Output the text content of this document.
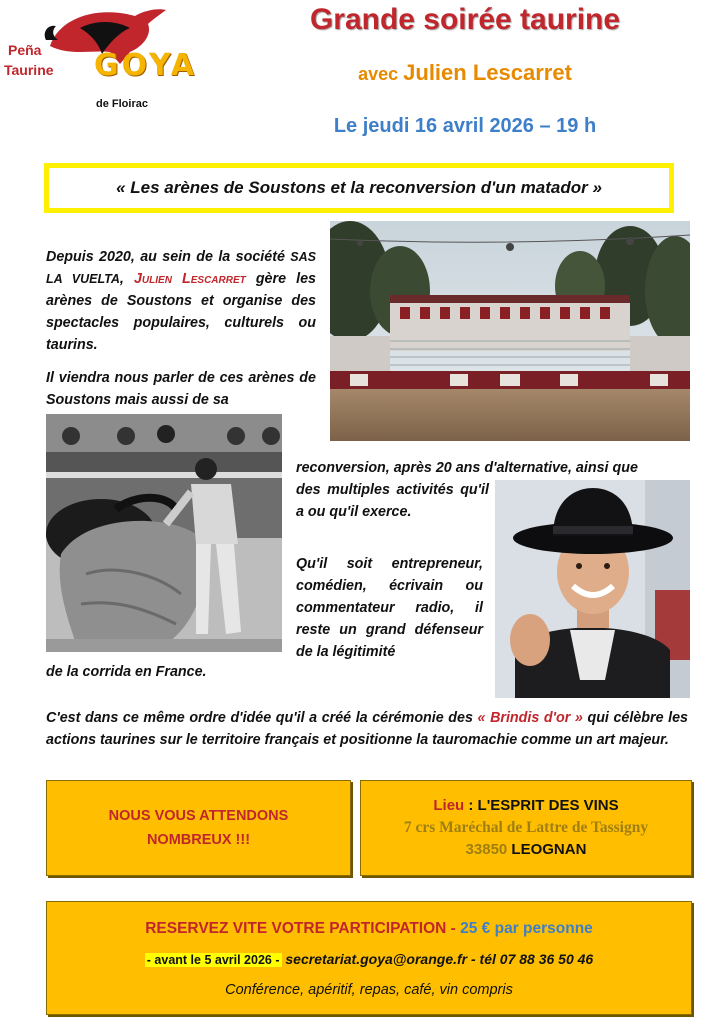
Peña
Taurine GOYA
de Floirac
Grande soirée taurine
avec Julien Lescarret
Le jeudi 16 avril 2026 – 19 h
« Les arènes de Soustons et la reconversion d'un matador »
Depuis 2020, au sein de la société SAS LA VUELTA, Julien Lescarret gère les arènes de Soustons et organise des spectacles populaires, culturels ou taurins.
Il viendra nous parler de ces arènes de Soustons mais aussi de sa
reconversion, après 20 ans d'alternative, ainsi que
des multiples activités qu'il a ou qu'il exerce.
Qu'il soit entrepreneur, comédien, écrivain ou commentateur radio, il reste un grand défenseur de la légitimité
de la corrida en France.
C'est dans ce même ordre d'idée qu'il a créé la cérémonie des « Brindis d'or » qui célèbre les actions taurines sur le territoire français et positionne la tauromachie comme un art majeur.
NOUS VOUS ATTENDONS
NOMBREUX !!!
Lieu : L'ESPRIT DES VINS
7 crs Maréchal de Lattre de Tassigny
33850 LEOGNAN
RESERVEZ VITE VOTRE PARTICIPATION - 25 € par personne
- avant le 5 avril 2026 - secretariat.goya@orange.fr - tél 07 88 36 50 46
Conférence, apéritif, repas, café, vin compris
